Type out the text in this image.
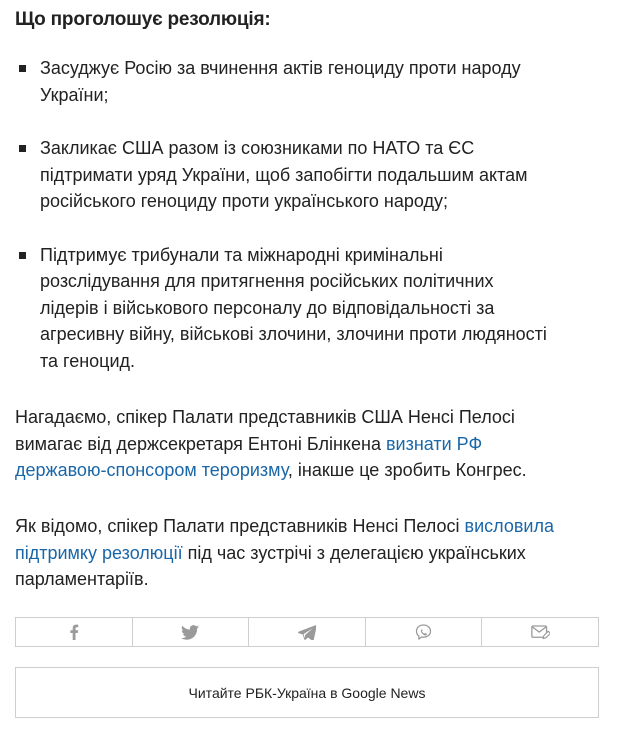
Що проголошує резолюція:
Засуджує Росію за вчинення актів геноциду проти народу
України;
Закликає США разом із союзниками по НАТО та ЄС
підтримати уряд України, щоб запобігти подальшим актам
російського геноциду проти українського народу;
Підтримує трибунали та міжнародні кримінальні
розслідування для притягнення російських політичних
лідерів і військового персоналу до відповідальності за
агресивну війну, військові злочини, злочини проти людяності
та геноцид.

Нагадаємо, спікер Палати представників США Ненсі Пелосі
вимагає від держсекретаря Ентоні Блінкена визнати РФ
державою-спонсором тероризму, інакше це зробить Конгрес.

Як відомо, спікер Палати представників Ненсі Пелосі висловила
підтримку резолюції під час зустрічі з делегацією українських
парламентаріїв.

Читайте РБК-Україна в Google News
